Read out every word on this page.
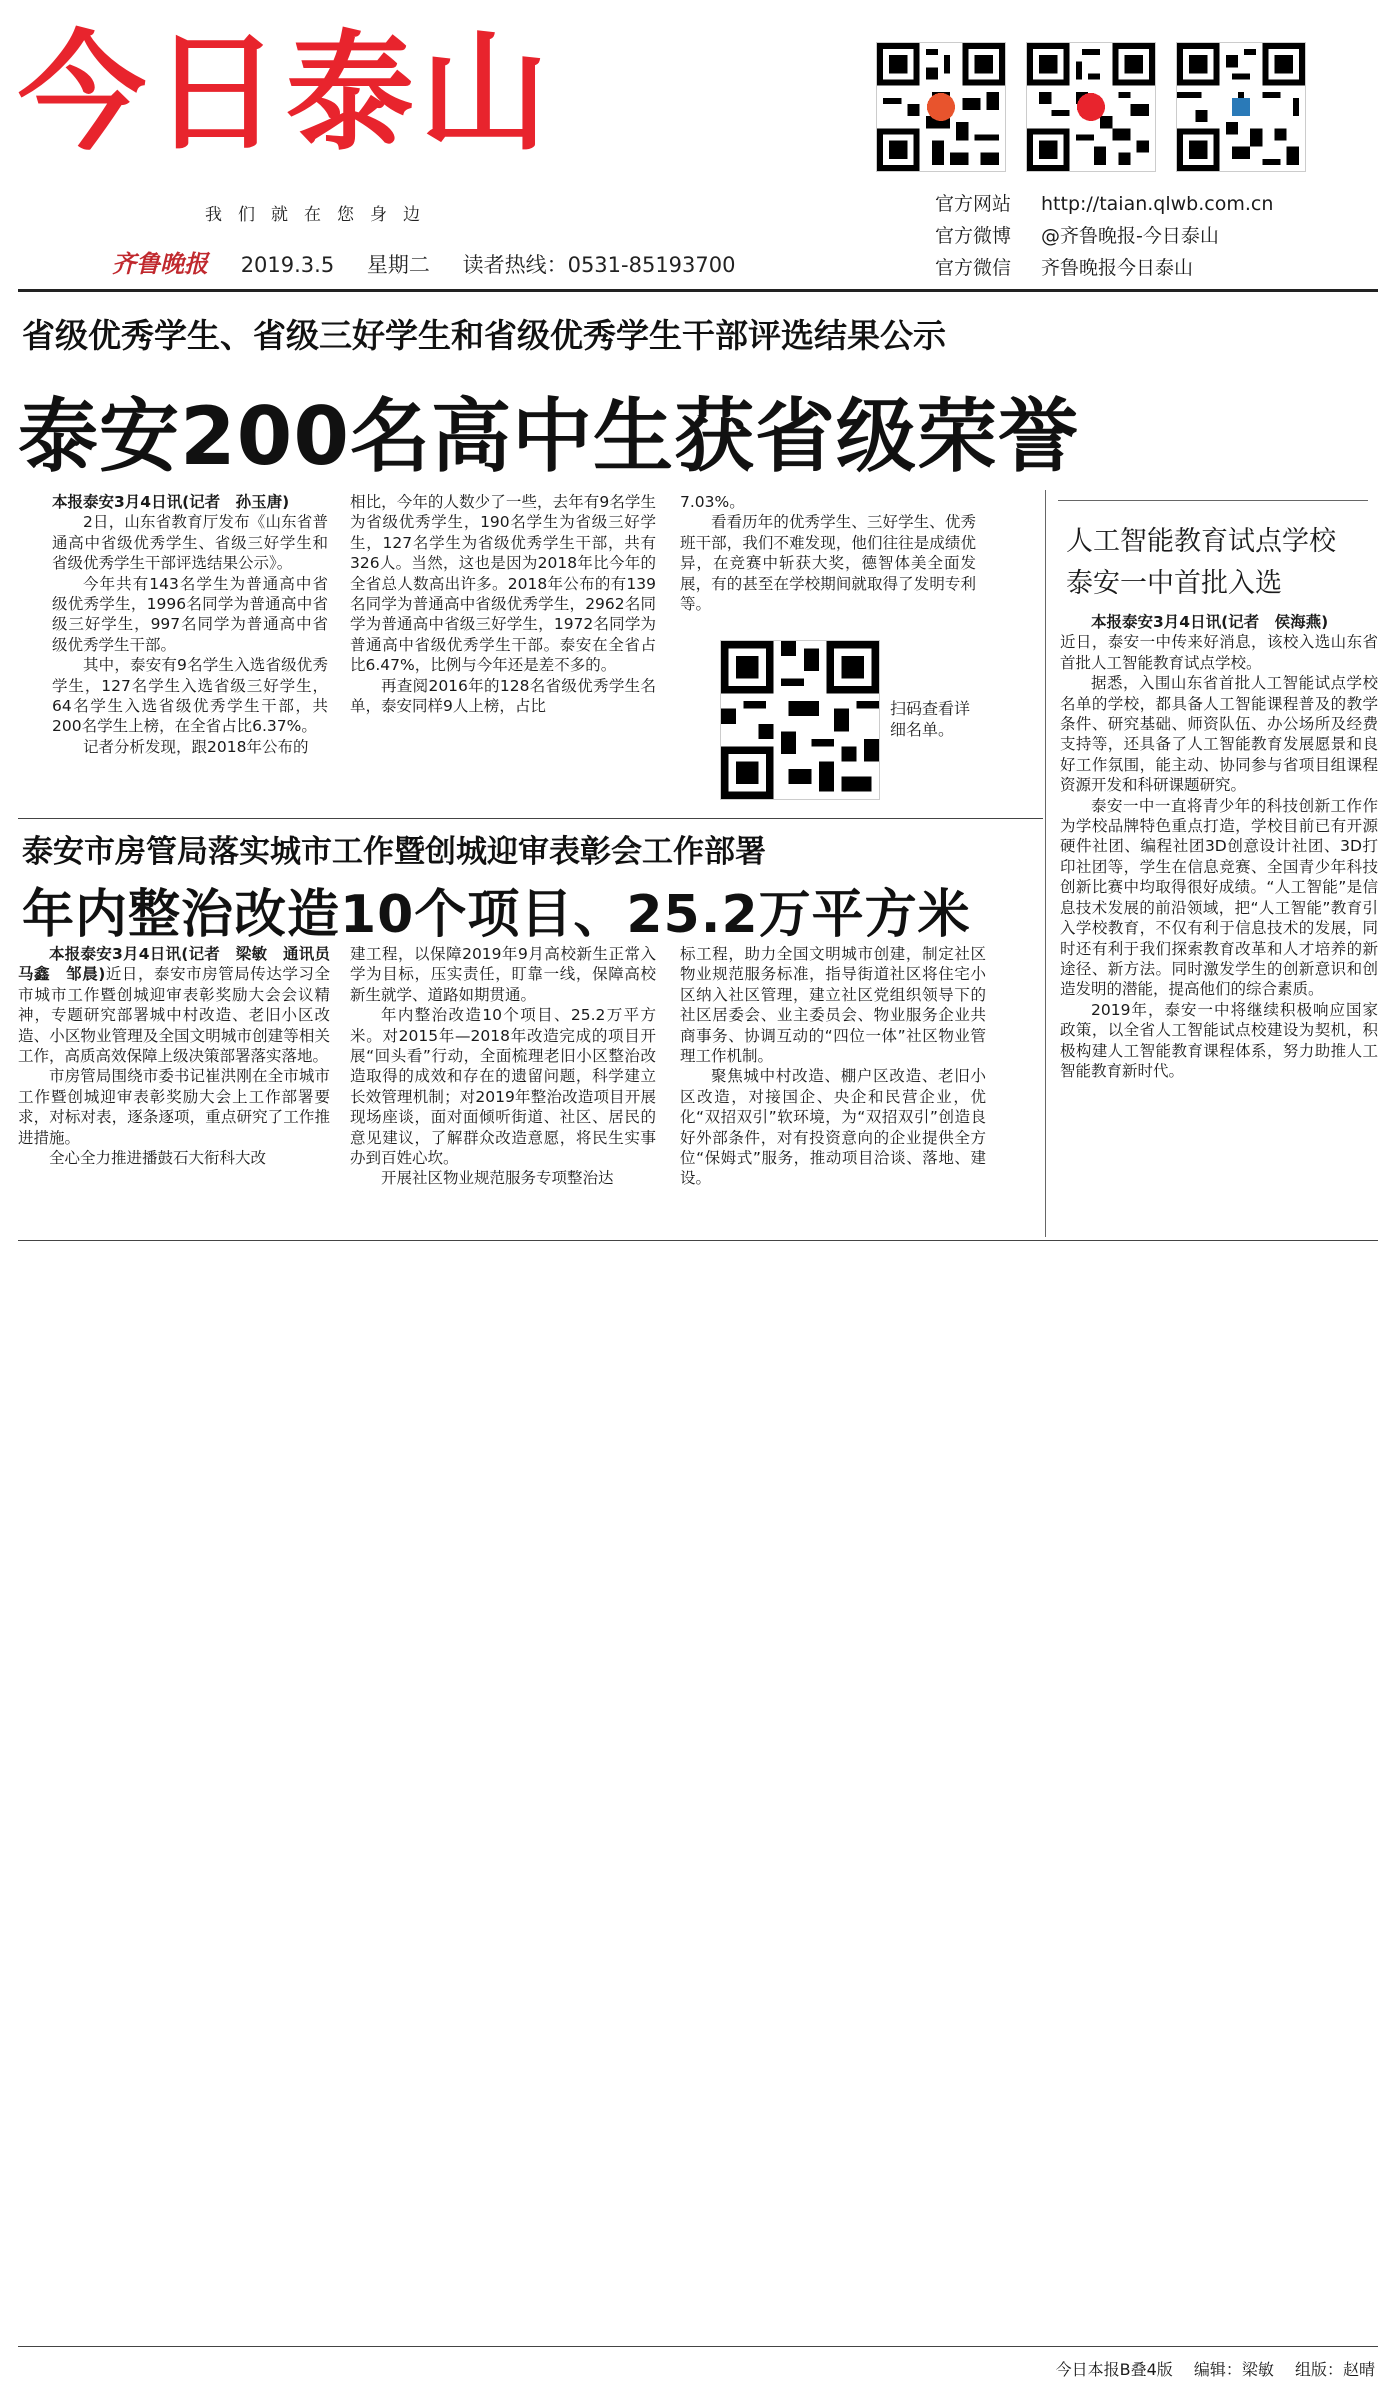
今日泰山
我们就在您身边
齐鲁晚报 2019.3.5 星期二 读者热线：0531-85193700
官方网站 http://taian.qlwb.com.cn
官方微博 @齐鲁晚报-今日泰山
官方微信 齐鲁晚报今日泰山
省级优秀学生、省级三好学生和省级优秀学生干部评选结果公示
泰安200名高中生获省级荣誉

本报泰安3月4日讯(记者　孙玉唐)

2日，山东省教育厅发布《山东省普通高中省级优秀学生、省级三好学生和省级优秀学生干部评选结果公示》。

今年共有143名学生为普通高中省级优秀学生，1996名同学为普通高中省级三好学生，997名同学为普通高中省级优秀学生干部。

其中，泰安有9名学生入选省级优秀学生，127名学生入选省级三好学生，64名学生入选省级优秀学生干部，共200名学生上榜，在全省占比6.37%。

记者分析发现，跟2018年公布的

相比，今年的人数少了一些，去年有9名学生为省级优秀学生，190名学生为省级三好学生，127名学生为省级优秀学生干部，共有326人。当然，这也是因为2018年比今年的全省总人数高出许多。2018年公布的有139名同学为普通高中省级优秀学生，2962名同学为普通高中省级三好学生，1972名同学为普通高中省级优秀学生干部。泰安在全省占比6.47%，比例与今年还是差不多的。

再查阅2016年的128名省级优秀学生名单，泰安同样9人上榜，占比

7.03%。

看看历年的优秀学生、三好学生、优秀班干部，我们不难发现，他们往往是成绩优异，在竞赛中斩获大奖，德智体美全面发展，有的甚至在学校期间就取得了发明专利等。

扫码查看详细名单。
泰安市房管局落实城市工作暨创城迎审表彰会工作部署
年内整治改造10个项目、25.2万平方米

本报泰安3月4日讯(记者　梁敏　通讯员　马鑫　邹晨)近日，泰安市房管局传达学习全市城市工作暨创城迎审表彰奖励大会会议精神，专题研究部署城中村改造、老旧小区改造、小区物业管理及全国文明城市创建等相关工作，高质高效保障上级决策部署落实落地。

市房管局围绕市委书记崔洪刚在全市城市工作暨创城迎审表彰奖励大会上工作部署要求，对标对表，逐条逐项，重点研究了工作推进措施。

全心全力推进播鼓石大衔科大改

建工程，以保障2019年9月高校新生正常入学为目标，压实责任，盯靠一线，保障高校新生就学、道路如期贯通。

年内整治改造10个项目、25.2万平方米。对2015年—2018年改造完成的项目开展“回头看”行动，全面梳理老旧小区整治改造取得的成效和存在的遗留问题，科学建立长效管理机制；对2019年整治改造项目开展现场座谈，面对面倾听街道、社区、居民的意见建议，了解群众改造意愿，将民生实事办到百姓心坎。

开展社区物业规范服务专项整治达

标工程，助力全国文明城市创建，制定社区物业规范服务标准，指导街道社区将住宅小区纳入社区管理，建立社区党组织领导下的社区居委会、业主委员会、物业服务企业共商事务、协调互动的“四位一体”社区物业管理工作机制。

聚焦城中村改造、棚户区改造、老旧小区改造，对接国企、央企和民营企业，优化“双招双引”软环境，为“双招双引”创造良好外部条件，对有投资意向的企业提供全方位“保姆式”服务，推动项目洽谈、落地、建设。

人工智能教育试点学校
泰安一中首批入选

本报泰安3月4日讯(记者　侯海燕)

近日，泰安一中传来好消息，该校入选山东省首批人工智能教育试点学校。

据悉，入围山东省首批人工智能试点学校名单的学校，都具备人工智能课程普及的教学条件、研究基础、师资队伍、办公场所及经费支持等，还具备了人工智能教育发展愿景和良好工作氛围，能主动、协同参与省项目组课程资源开发和科研课题研究。

泰安一中一直将青少年的科技创新工作作为学校品牌特色重点打造，学校目前已有开源硬件社团、编程社团3D创意设计社团、3D打印社团等，学生在信息竞赛、全国青少年科技创新比赛中均取得很好成绩。“人工智能”是信息技术发展的前沿领域，把“人工智能”教育引入学校教育，不仅有利于信息技术的发展，同时还有利于我们探索教育改革和人才培养的新途径、新方法。同时激发学生的创新意识和创造发明的潜能，提高他们的综合素质。

2019年，泰安一中将继续积极响应国家政策，以全省人工智能试点校建设为契机，积极构建人工智能教育课程体系，努力助推人工智能教育新时代。

今日本报B叠4版 编辑：梁敏 组版：赵晴
